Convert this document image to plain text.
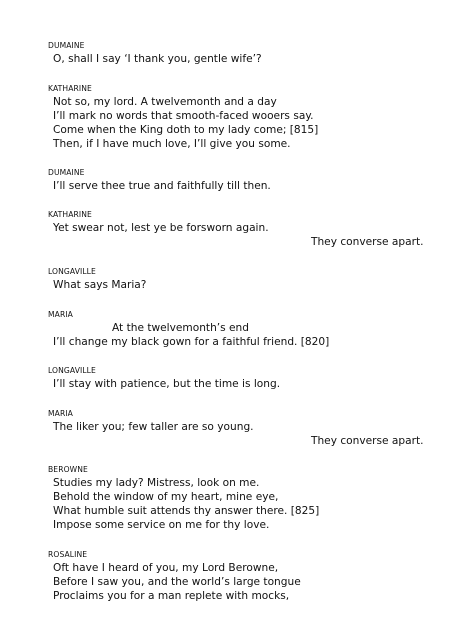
DUMAINE
O, shall I say ‘I thank you, gentle wife’?
KATHARINE
Not so, my lord. A twelvemonth and a day
I’ll mark no words that smooth-faced wooers say.
Come when the King doth to my lady come; [815]
Then, if I have much love, I’ll give you some.
DUMAINE
I’ll serve thee true and faithfully till then.
KATHARINE
Yet swear not, lest ye be forsworn again.
They converse apart.
LONGAVILLE
What says Maria?
MARIA
At the twelvemonth’s end
I’ll change my black gown for a faithful friend. [820]
LONGAVILLE
I’ll stay with patience, but the time is long.
MARIA
The liker you; few taller are so young.
They converse apart.
BEROWNE
Studies my lady? Mistress, look on me.
Behold the window of my heart, mine eye,
What humble suit attends thy answer there. [825]
Impose some service on me for thy love.
ROSALINE
Oft have I heard of you, my Lord Berowne,
Before I saw you, and the world’s large tongue
Proclaims you for a man replete with mocks,
